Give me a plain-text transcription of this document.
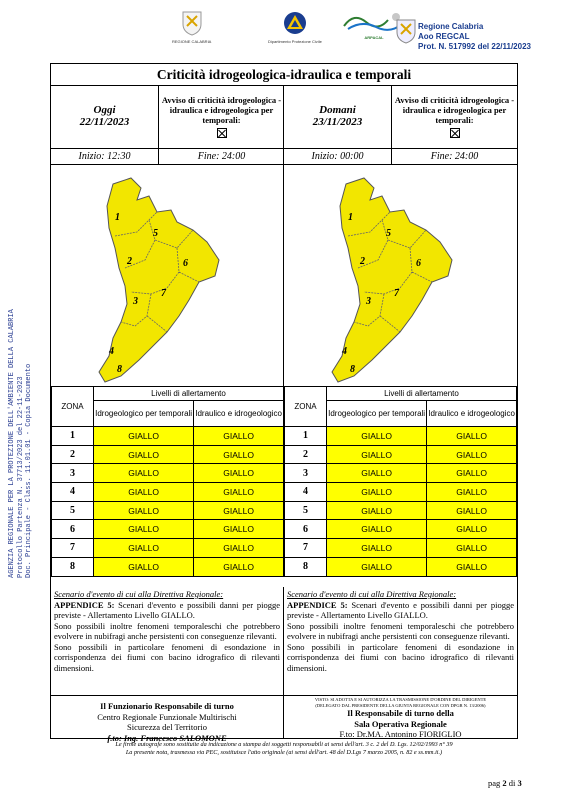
REGIONE CALABRIA	Dipartimento Protezione Civile
ARPACAL
Regione Calabria
Aoo REGCAL
Prot. N. 517992 del 22/11/2023
AGENZIA REGIONALE PER LA PROTEZIONE DELL'AMBIENTE DELLA CALABRIA Protocollo Partenza N. 37713/2023 del 22-11-2023 Doc. Principale - Class. 11.01.01 - Copia Documento
Criticità idrogeologica-idraulica e temporali
Oggi
22/11/2023
Avviso di criticità idrogeologica - idraulica e idrogeologica per temporali:
Inizio: 12:30	Fine: 24:00
1
2
3
4
5
6
7
8
Domani
23/11/2023
Avviso di criticità idrogeologica - idraulica e idrogeologica per temporali:
Inizio: 00:00	Fine: 24:00
1
2
3
4
5
6
7
8
ZONA	Livelli di allertamento	
	Idrogeologico per temporali	Idraulico e idrogeologico
1	GIALLO	GIALLO
2	GIALLO	GIALLO
3	GIALLO	GIALLO
4	GIALLO	GIALLO
5	GIALLO	GIALLO
6	GIALLO	GIALLO
7	GIALLO	GIALLO
8	GIALLO	GIALLO
ZONA	Livelli di allertamento	
	Idrogeologico per temporali	Idraulico e idrogeologico
1	GIALLO	GIALLO
2	GIALLO	GIALLO
3	GIALLO	GIALLO
4	GIALLO	GIALLO
5	GIALLO	GIALLO
6	GIALLO	GIALLO
7	GIALLO	GIALLO
8	GIALLO	GIALLO
Scenario d'evento di cui alla Direttiva Regionale:
APPENDICE 5: Scenari d'evento e possibili danni per piogge previste - Allertamento Livello GIALLO.
Sono possibili inoltre fenomeni temporaleschi che potrebbero evolvere in nubifragi anche persistenti con conseguenze rilevanti.
Sono possibili in particolare fenomeni di esondazione in corrispondenza dei fiumi con bacino idrografico di rilevanti dimensioni.
Scenario d'evento di cui alla Direttiva Regionale:
APPENDICE 5: Scenari d'evento e possibili danni per piogge previste - Allertamento Livello GIALLO.
Sono possibili inoltre fenomeni temporaleschi che potrebbero evolvere in nubifragi anche persistenti con conseguenze rilevanti.
Sono possibili in particolare fenomeni di esondazione in corrispondenza dei fiumi con bacino idrografico di rilevanti dimensioni.
Il Funzionario Responsabile di turno
Centro Regionale Funzionale Multirischi
Sicurezza del Territorio
f.to: Ing. Francesco SALOMONE
VISTO: SI ADOTTA E SI AUTORIZZA LA TRASMISSIONE D'ORDINE DEL DIRIGENTE
(DELEGATO DAL PRESIDENTE DELLA GIUNTA REGIONALE CON DPGR N. 13/2006)
Il Responsabile di turno della
Sala Operativa Regionale
F.to: Dr.MA. Antonino FIORIGLIO
Le firme autografe sono sostituite da indicazione a stampa dei soggetti responsabili ai sensi dell'art. 3 c. 2 del D. Lgs. 12/02/1993 n° 39
La presente nota, trasmessa via PEC, sostituisce l'atto originale (ai sensi dell'art. 48 del D.Lgs 7 marzo 2005, n. 82 e ss.mm.ii.)
pag 2 di 3
